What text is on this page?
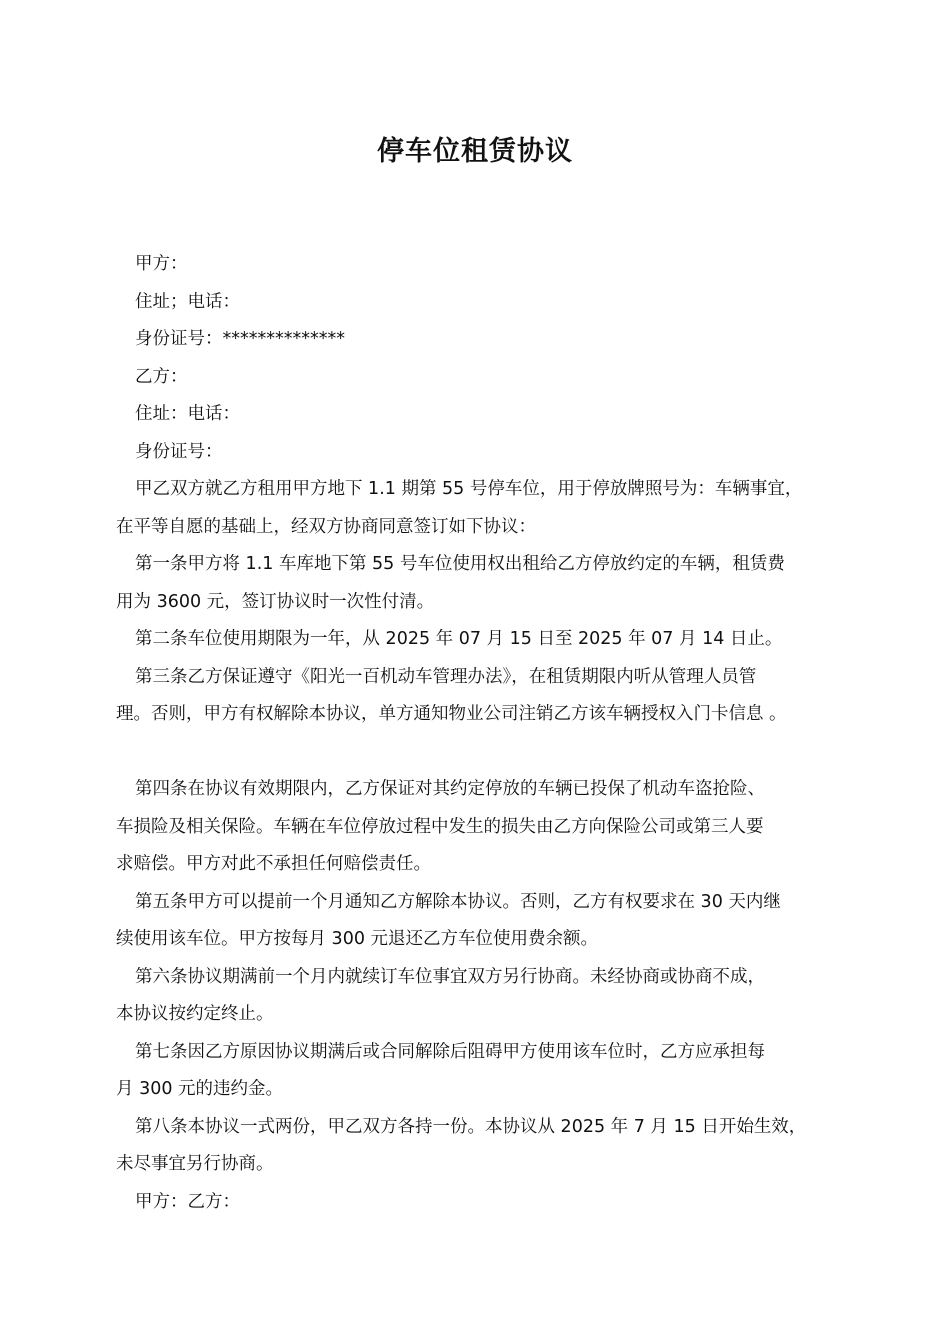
停车位租赁协议
甲方：
住址；电话：
身份证号：**************
乙方：
住址：电话：
身份证号：
甲乙双方就乙方租用甲方地下 1.1 期第 55 号停车位，用于停放牌照号为：车辆事宜，
在平等自愿的基础上，经双方协商同意签订如下协议：
第一条甲方将 1.1 车库地下第 55 号车位使用权出租给乙方停放约定的车辆，租赁费
用为 3600 元，签订协议时一次性付清。
第二条车位使用期限为一年，从 2025 年 07 月 15 日至 2025 年 07 月 14 日止。
第三条乙方保证遵守《阳光一百机动车管理办法》，在租赁期限内听从管理人员管
理。否则，甲方有权解除本协议，单方通知物业公司注销乙方该车辆授权入门卡信息 。
第四条在协议有效期限内，乙方保证对其约定停放的车辆已投保了机动车盗抢险、
车损险及相关保险。车辆在车位停放过程中发生的损失由乙方向保险公司或第三人要
求赔偿。甲方对此不承担任何赔偿责任。
第五条甲方可以提前一个月通知乙方解除本协议。否则，乙方有权要求在 30 天内继
续使用该车位。甲方按每月 300 元退还乙方车位使用费余额。
第六条协议期满前一个月内就续订车位事宜双方另行协商。未经协商或协商不成，
本协议按约定终止。
第七条因乙方原因协议期满后或合同解除后阻碍甲方使用该车位时，乙方应承担每
月 300 元的违约金。
第八条本协议一式两份，甲乙双方各持一份。本协议从 2025 年 7 月 15 日开始生效，
未尽事宜另行协商。
甲方：乙方：
